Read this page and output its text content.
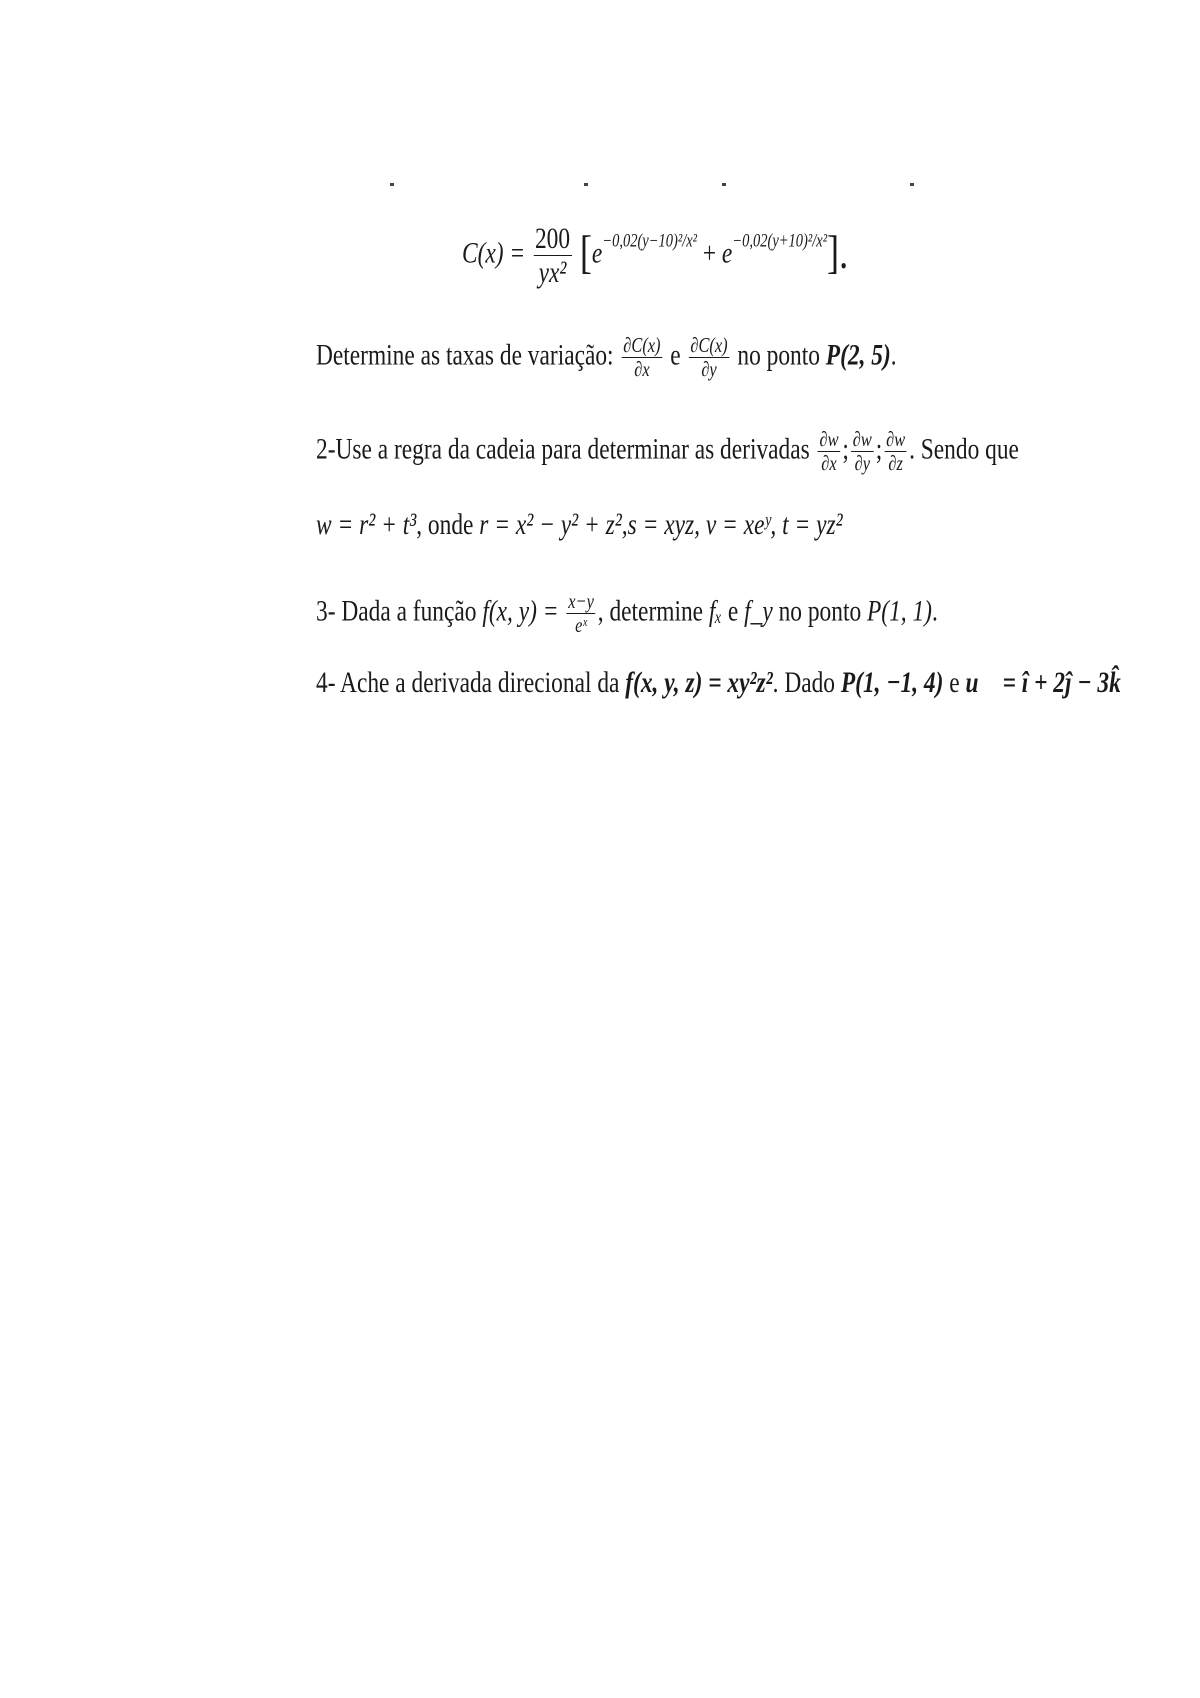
$C(x) = \frac{200}{\text{yx²}} [e^{-0,02(y-10)^2/x^2} + e^{-0,02(y+10)^2/x^2}]$.
Determine as taxas de variação: $\frac{\partial C(x)}{\partial x}$ e $\frac{\partial C(x)}{\partial y}$ no ponto P(2, 5).
2-Use a regra da cadeia para determinar as derivadas $\frac{\partial w}{\partial x}$ ; $\frac{\partial w}{\partial y}$ ; $\frac{\partial w}{\partial z}$ . Sendo que
w = r² + t³, onde r = x² − y² + z²,s = xyz, v = xeʸ, t = yz²
3- Dada a função f(x, $y) = \frac{x-y}{\text{eˣ}}$ , determine fₓ e f_y no ponto P(1, 1).
4- Ache a derivada direcional da f(x, y, z) = xy²z². Dado P(1, −1, 4) e u⃗ = î + 2ĵ − 3k̂
